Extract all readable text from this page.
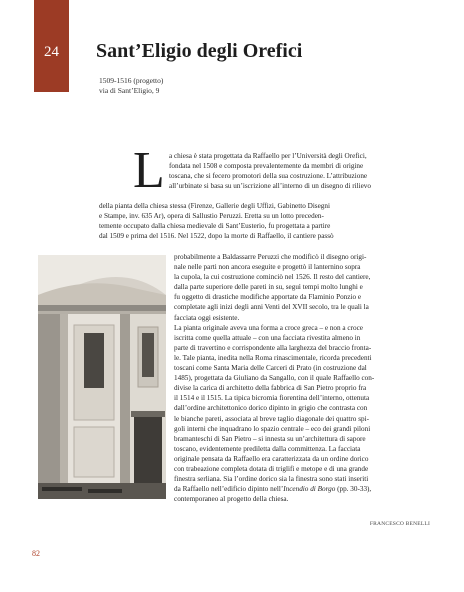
24	Sant’Eligio degli Orefici
1509-1516 (progetto)
via di Sant’Eligio, 9
L a chiesa è stata progettata da Raffaello per l’Università degli Orefici,
fondata nel 1508 e composta prevalentemente da membri di origine
toscana, che si fecero promotori della sua costruzione. L’attribuzione
all’urbinate si basa su un’iscrizione all’interno di un disegno di rilievo
della pianta della chiesa stessa (Firenze, Gallerie degli Uffizi, Gabinetto Disegni
e Stampe, inv. 635 Ar), opera di Sallustio Peruzzi. Eretta su un lotto preceden-
temente occupato dalla chiesa medievale di Sant’Eusterio, fu progettata a partire
dal 1509 e prima del 1516. Nel 1522, dopo la morte di Raffaello, il cantiere passò
probabilmente a Baldassarre Peruzzi che modificò il disegno origi-
nale nelle parti non ancora eseguite e progettò il lanternino sopra
la cupola, la cui costruzione cominciò nel 1526. Il resto del cantiere,
dalla parte superiore delle pareti in su, seguì tempi molto lunghi e
fu oggetto di drastiche modifiche apportate da Flaminio Ponzio e
completate agli inizi degli anni Venti del XVII secolo, tra le quali la
facciata oggi esistente.
La pianta originale aveva una forma a croce greca – e non a croce
iscritta come quella attuale – con una facciata rivestita almeno in
parte di travertino e corrispondente alla larghezza del braccio fronta-
le. Tale pianta, inedita nella Roma rinascimentale, ricorda precedenti
toscani come Santa Maria delle Carceri di Prato (in costruzione dal
1485), progettata da Giuliano da Sangallo, con il quale Raffaello con-
divise la carica di architetto della fabbrica di San Pietro proprio fra
il 1514 e il 1515. La tipica bicromia fiorentina dell’interno, ottenuta
dall’ordine architettonico dorico dipinto in grigio che contrasta con
le bianche pareti, associata al breve taglio diagonale dei quattro spi-
goli interni che inquadrano lo spazio centrale – eco dei grandi piloni
bramanteschi di San Pietro – si innesta su un’architettura di sapore
toscano, evidentemente prediletta dalla committenza. La facciata
originale pensata da Raffaello era caratterizzata da un ordine dorico
con trabeazione completa dotata di triglifi e metope e di una grande
finestra serliana. Sia l’ordine dorico sia la finestra sono stati inseriti
da Raffaello nell’edificio dipinto nell’Incendio di Borgo (pp. 30-33),
contemporaneo al progetto della chiesa.
FRANCESCO BENELLI
82
